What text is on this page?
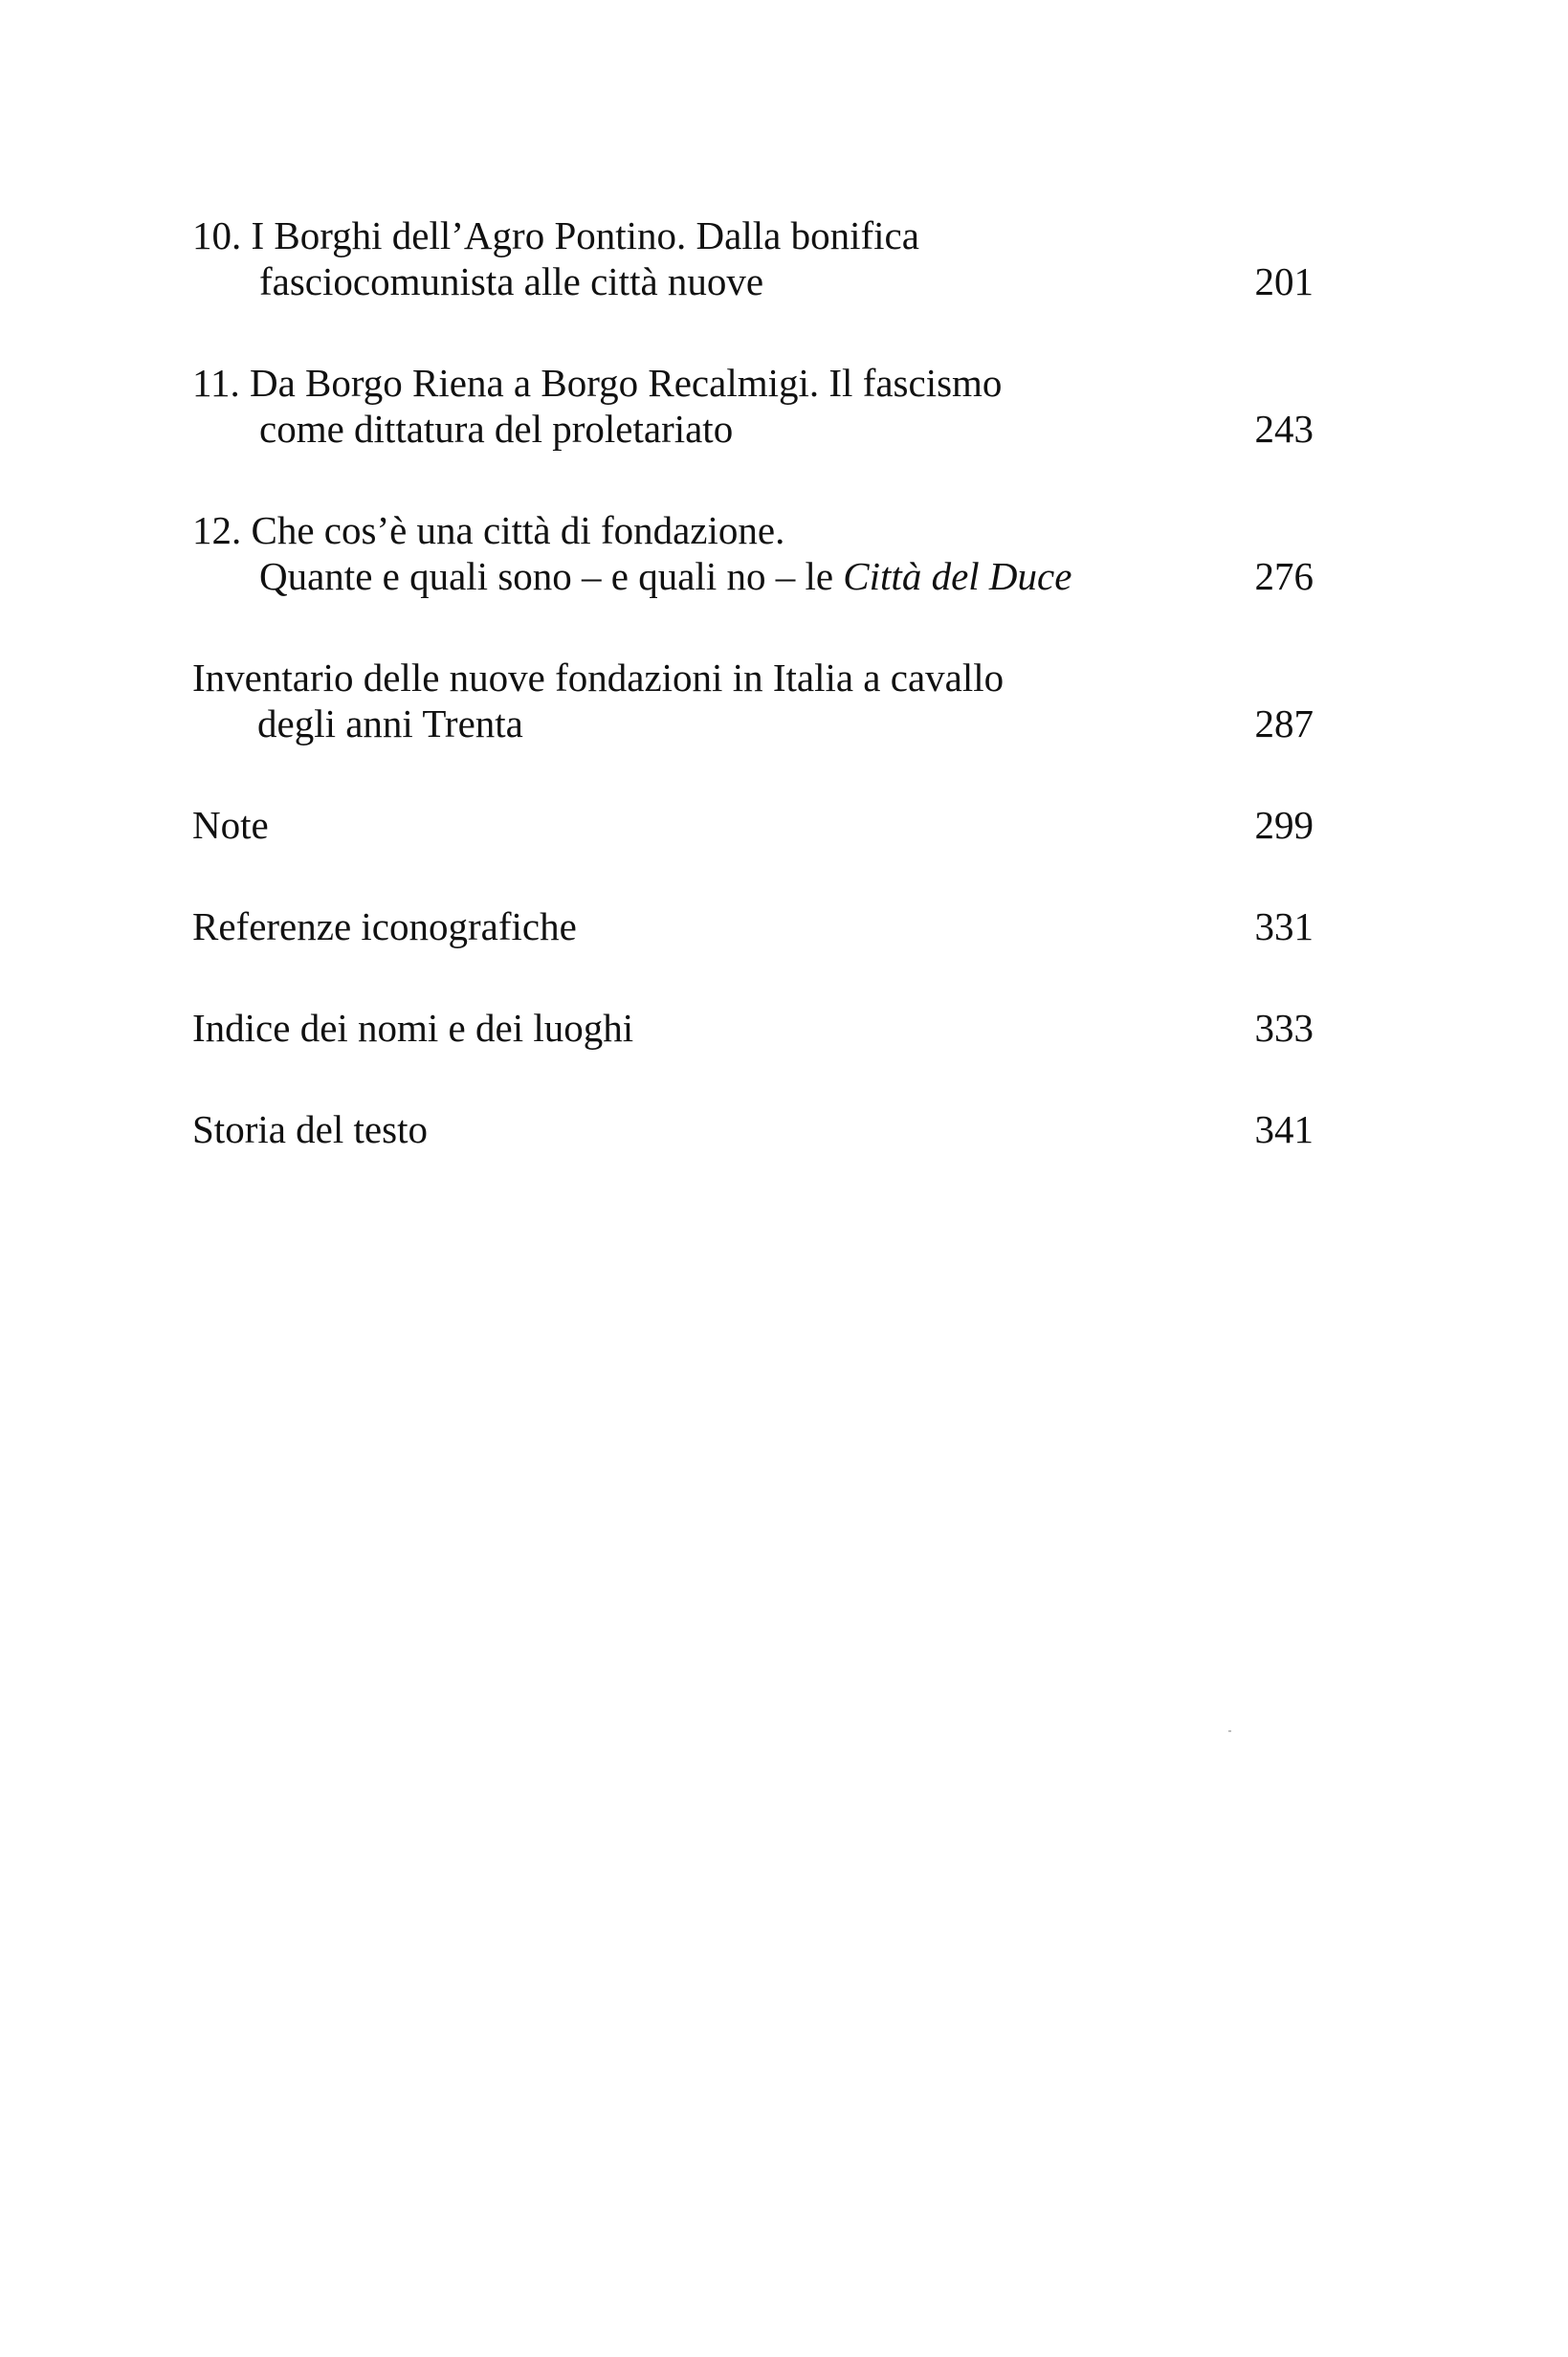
10. I Borghi dell’Agro Pontino. Dalla bonifica
fasciocomunista alle città nuove	201
11. Da Borgo Riena a Borgo Recalmigi. Il fascismo
come dittatura del proletariato	243
12. Che cos’è una città di fondazione.
Quante e quali sono – e quali no – le Città del Duce	276
Inventario delle nuove fondazioni in Italia a cavallo
degli anni Trenta	287
Note	299
Referenze iconografiche	331
Indice dei nomi e dei luoghi	333
Storia del testo	341
